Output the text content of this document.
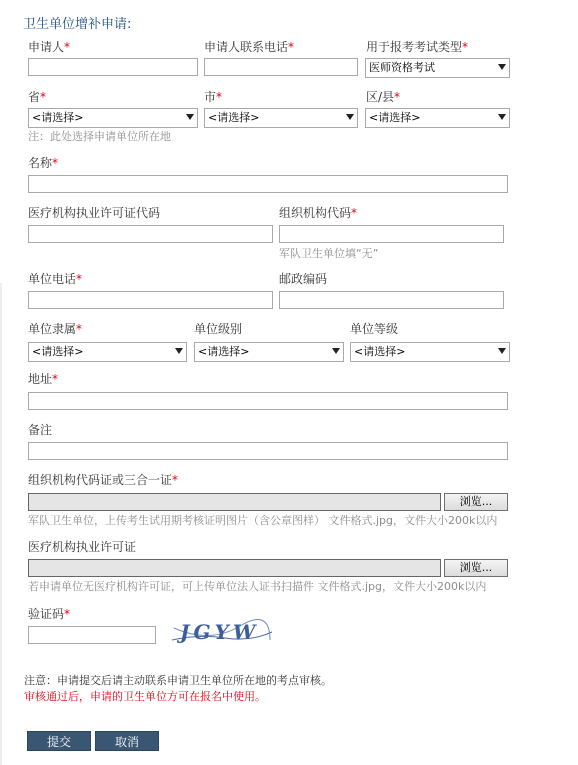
卫生单位增补申请:
申请人*	申请人联系电话*	用于报考考试类型*
医师资格考试
省*	市*	区/县*
<请选择>	<请选择>	<请选择>
注：此处选择申请单位所在地
名称*
医疗机构执业许可证代码	组织机构代码*
军队卫生单位填“无”
单位电话*	邮政编码
单位隶属*	单位级别	单位等级
<请选择>	<请选择>	<请选择>
地址*
备注
组织机构代码证或三合一证*
浏览...
军队卫生单位，上传考生试用期考核证明图片（含公章图样） 文件格式.jpg，文件大小200k以内
医疗机构执业许可证
浏览...
若申请单位无医疗机构许可证，可上传单位法人证书扫描件 文件格式.jpg，文件大小200k以内
验证码*
JGYW
注意：申请提交后请主动联系申请卫生单位所在地的考点审核。
审核通过后，申请的卫生单位方可在报名中使用。
提交	取消
